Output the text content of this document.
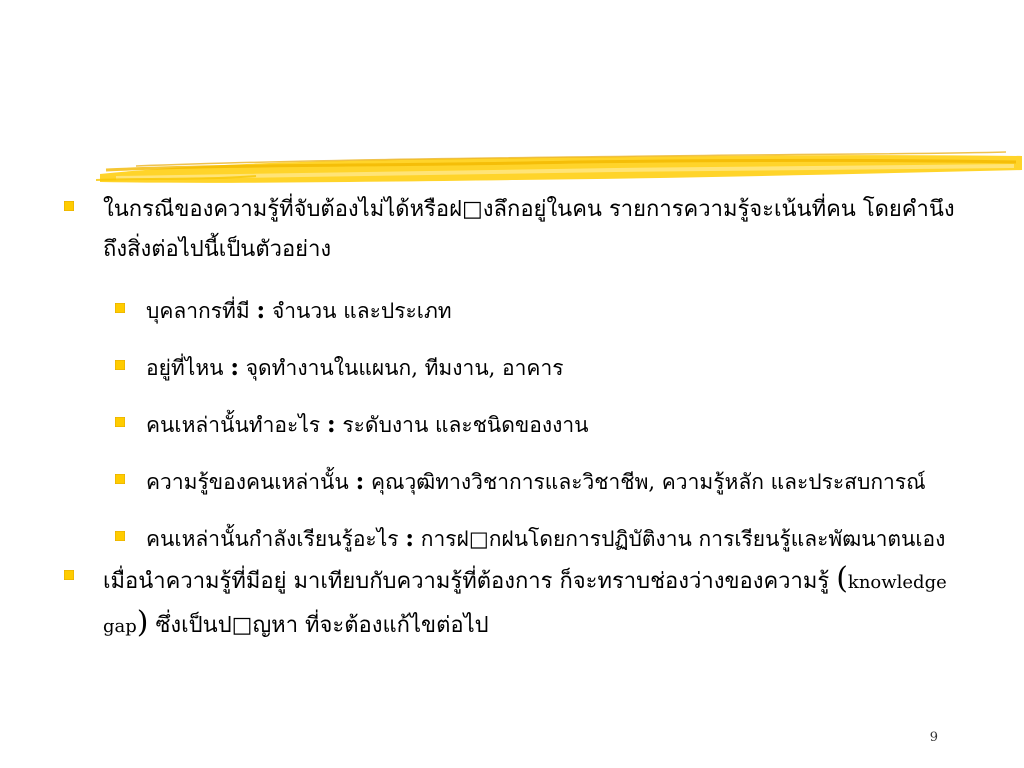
ในกรณีของความรู้ที่จับต้องไม่ได้หรือฝ□งลึกอยู่ในคน รายการความรู้จะเน้นที่คน โดยคำนึงถึงสิ่งต่อไปนี้เป็นตัวอย่าง
บุคลากรที่มี : จำนวน และประเภท
อยู่ที่ไหน : จุดทำงานในแผนก, ทีมงาน, อาคาร
คนเหล่านั้นทำอะไร : ระดับงาน และชนิดของงาน
ความรู้ของคนเหล่านั้น : คุณวุฒิทางวิชาการและวิชาชีพ, ความรู้หลัก และประสบการณ์
คนเหล่านั้นกำลังเรียนรู้อะไร : การฝ□กฝนโดยการปฏิบัติงาน การเรียนรู้และพัฒนาตนเอง
เมื่อนำความรู้ที่มีอยู่ มาเทียบกับความรู้ที่ต้องการ ก็จะทราบช่องว่างของความรู้ (knowledge gap) ซึ่งเป็นป□ญหา ที่จะต้องแก้ไขต่อไป
9
